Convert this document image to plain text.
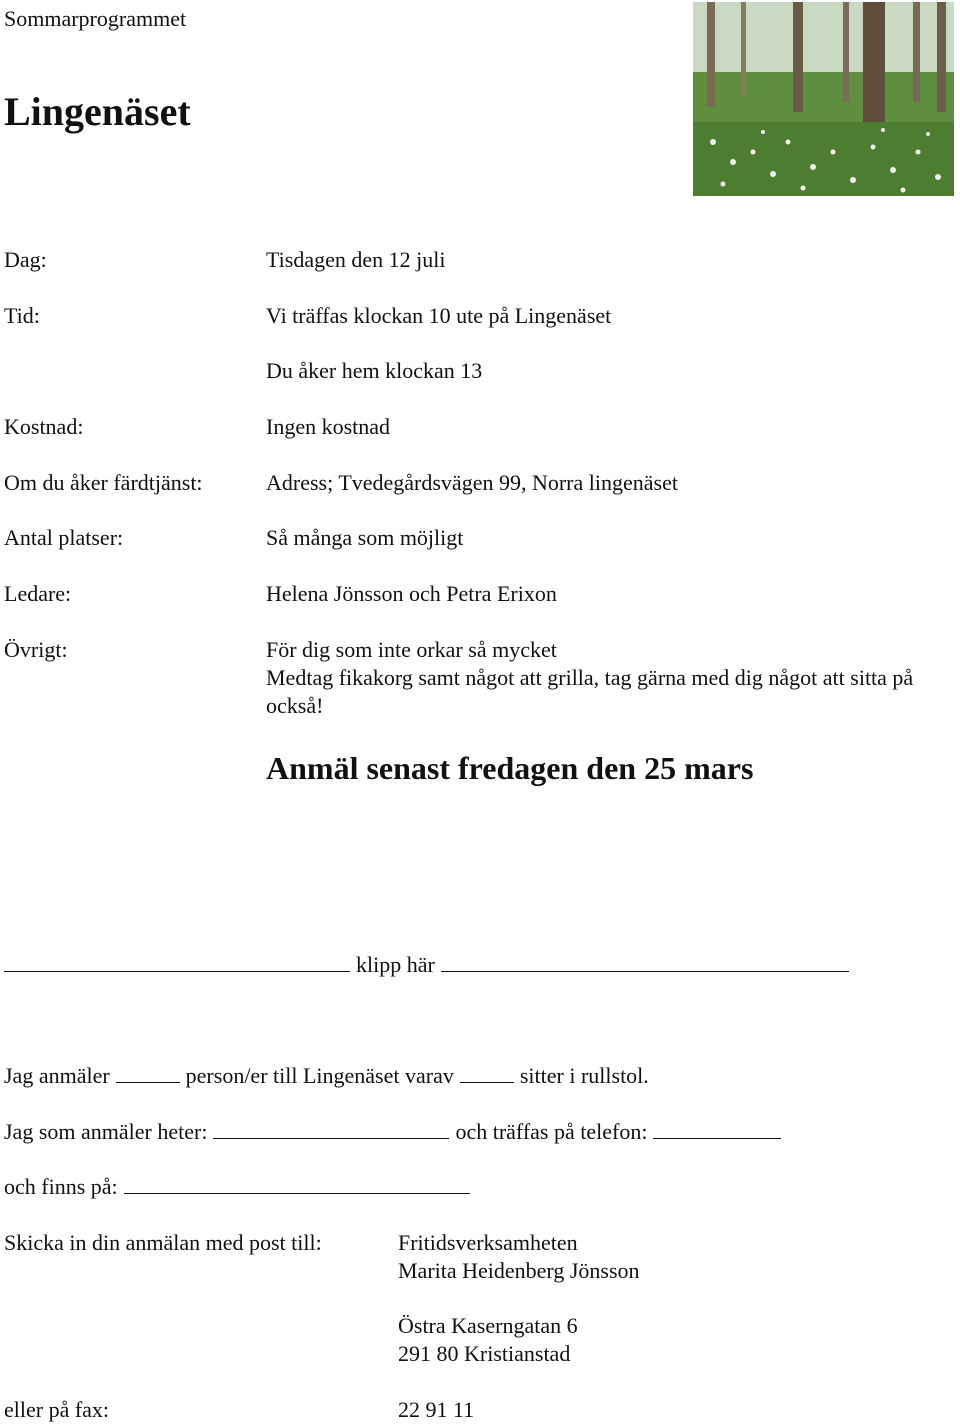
Sommarprogrammet
Lingenäset
Dag:	Tisdagen den 12 juli
Tid:	Vi träffas klockan 10 ute på Lingenäset
Du åker hem klockan 13
Kostnad:	Ingen kostnad
Om du åker färdtjänst:	Adress; Tvedegårdsvägen 99, Norra lingenäset
Antal platser:	Så många som möjligt
Ledare:	Helena Jönsson och Petra Erixon
Övrigt:	För dig som inte orkar så mycket
Medtag fikakorg samt något att grilla, tag gärna med dig något att sitta på också!
Anmäl senast fredagen den 25 mars
klipp här
Jag anmäler	person/er till Lingenäset varav	sitter i rullstol.
Jag som anmäler heter:	och träffas på telefon:
och finns på:
Skicka in din anmälan med post till:	Fritidsverksamheten
Marita Heidenberg Jönsson
Östra Kaserngatan 6
291 80 Kristianstad
eller på fax:	22 91 11
